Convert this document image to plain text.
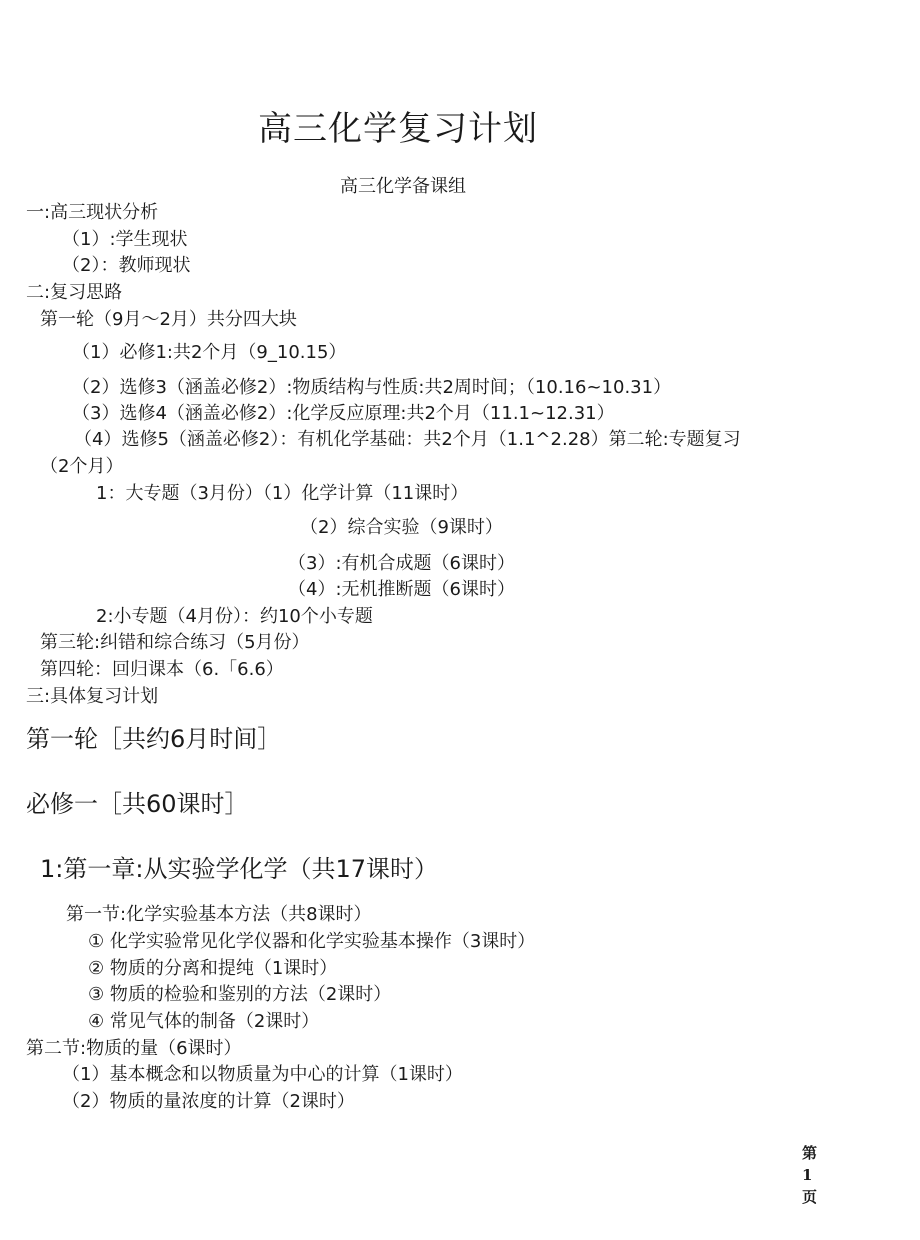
高三化学复习计划
高三化学备课组
一:高三现状分析
（1）:学生现状
（2）：教师现状
二:复习思路
第一轮（9月～2月）共分四大块
（1）必修1:共2个月（9_10.15）
（2）选修3（涵盖必修2）:物质结构与性质:共2周时间；（10.16~10.31）
（3）选修4（涵盖必修2）:化学反应原理:共2个月（11.1~12.31）
（4）选修5（涵盖必修2）：有机化学基础：共2个月（1.1^2.28）第二轮:专题复习
（2个月）
1：大专题（3月份）（1）化学计算（11课时）
（2）综合实验（9课时）
（3）:有机合成题（6课时）
（4）:无机推断题（6课时）
2:小专题（4月份）：约10个小专题
第三轮:纠错和综合练习（5月份）
第四轮：回归课本（6.「6.6）
三:具体复习计划
第一轮［共约6月时间］
必修一［共60课时］
1:第一章:从实验学化学（共17课时）
第一节:化学实验基本方法（共8课时）
① 化学实验常见化学仪器和化学实验基本操作（3课时）
② 物质的分离和提纯（1课时）
③ 物质的检验和鉴别的方法（2课时）
④ 常见气体的制备（2课时）
第二节:物质的量（6课时）
（1）基本概念和以物质量为中心的计算（1课时）
（2）物质的量浓度的计算（2课时）
第1
页
